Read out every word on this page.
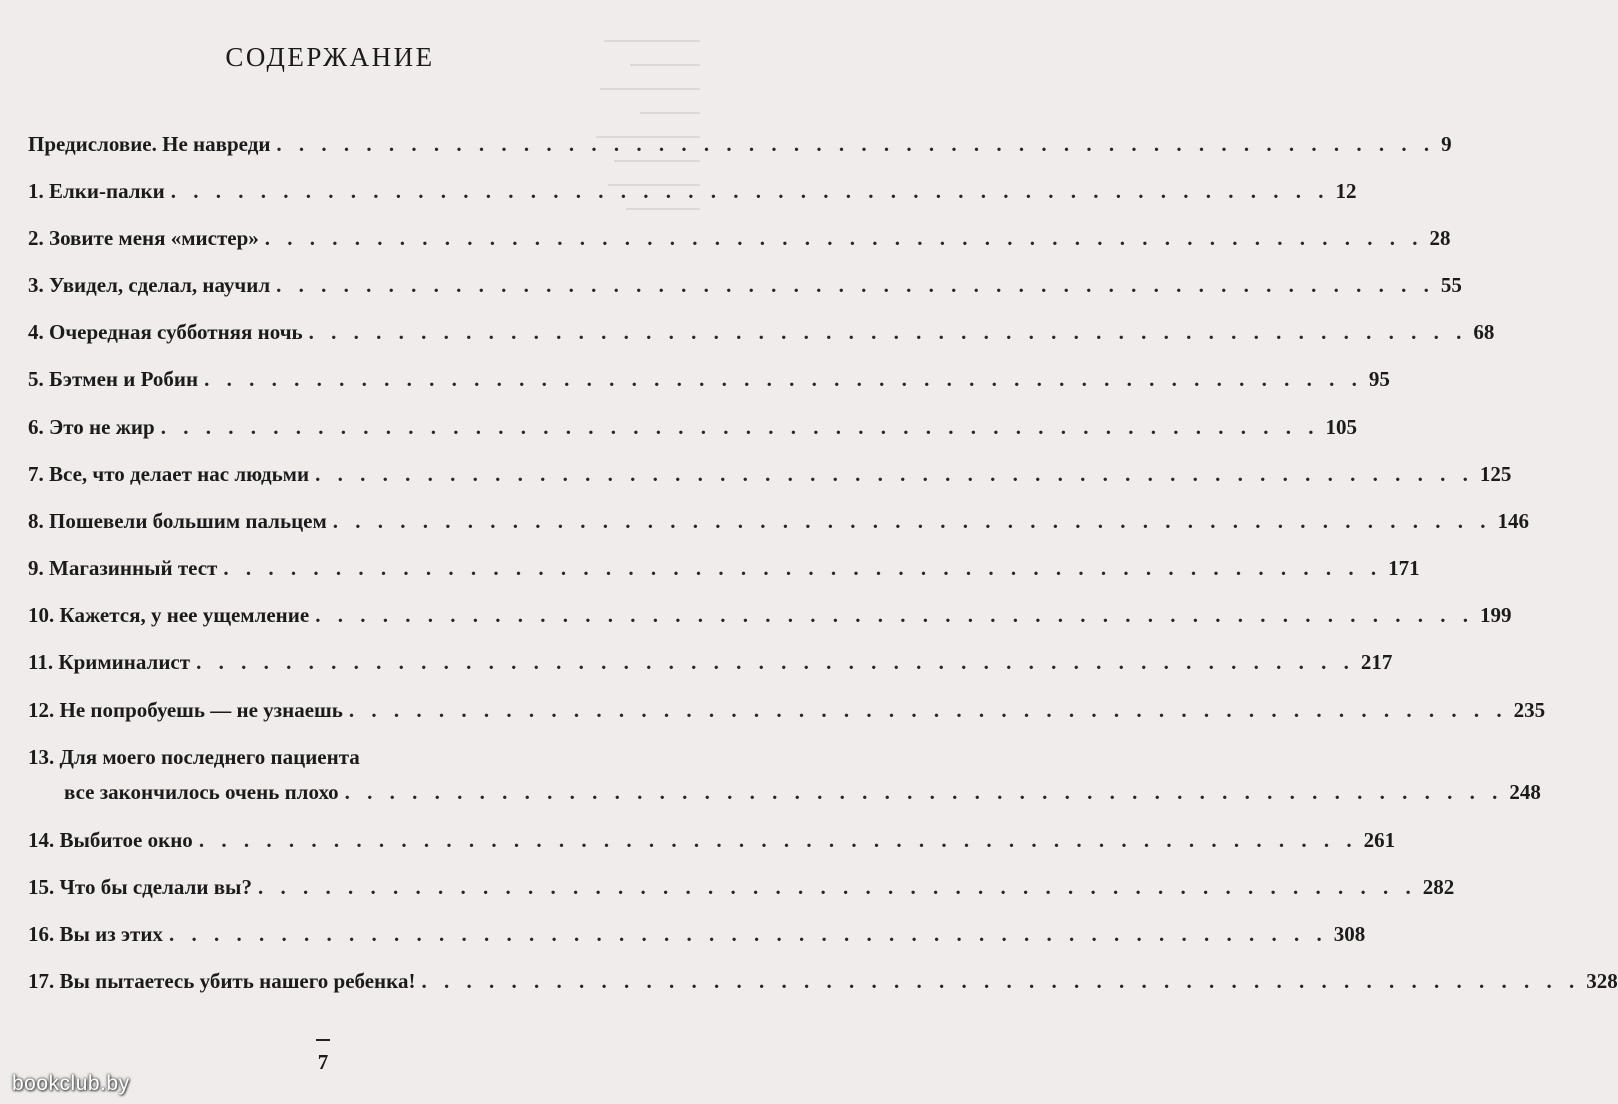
СОДЕРЖАНИЕ
Предисловие. Не навреди . . . . . . . . . . . . . . . . . . . . . . . . . . . . . . . . . . . . . . . . . . . . . . . . . . . . 9
1. Елки-палки . . . . . . . . . . . . . . . . . . . . . . . . . . . . . . . . . . . . . . . . . . . . . . . . . . . . 12
2. Зовите меня «мистер» . . . . . . . . . . . . . . . . . . . . . . . . . . . . . . . . . . . . . . . . . . . . . . . . . . . . 28
3. Увидел, сделал, научил . . . . . . . . . . . . . . . . . . . . . . . . . . . . . . . . . . . . . . . . . . . . . . . . . . . . 55
4. Очередная субботняя ночь . . . . . . . . . . . . . . . . . . . . . . . . . . . . . . . . . . . . . . . . . . . . . . . . . . . . 68
5. Бэтмен и Робин . . . . . . . . . . . . . . . . . . . . . . . . . . . . . . . . . . . . . . . . . . . . . . . . . . . . 95
6. Это не жир . . . . . . . . . . . . . . . . . . . . . . . . . . . . . . . . . . . . . . . . . . . . . . . . . . . . 105
7. Все, что делает нас людьми . . . . . . . . . . . . . . . . . . . . . . . . . . . . . . . . . . . . . . . . . . . . . . . . . . . . 125
8. Пошевели большим пальцем . . . . . . . . . . . . . . . . . . . . . . . . . . . . . . . . . . . . . . . . . . . . . . . . . . . . 146
9. Магазинный тест . . . . . . . . . . . . . . . . . . . . . . . . . . . . . . . . . . . . . . . . . . . . . . . . . . . . 171
10. Кажется, у нее ущемление . . . . . . . . . . . . . . . . . . . . . . . . . . . . . . . . . . . . . . . . . . . . . . . . . . . . 199
11. Криминалист . . . . . . . . . . . . . . . . . . . . . . . . . . . . . . . . . . . . . . . . . . . . . . . . . . . . 217
12. Не попробуешь — не узнаешь . . . . . . . . . . . . . . . . . . . . . . . . . . . . . . . . . . . . . . . . . . . . . . . . . . . . 235
13. Для моего последнего пациента
все закончилось очень плохо . . . . . . . . . . . . . . . . . . . . . . . . . . . . . . . . . . . . . . . . . . . . . . . . . . . . 248
14. Выбитое окно . . . . . . . . . . . . . . . . . . . . . . . . . . . . . . . . . . . . . . . . . . . . . . . . . . . . 261
15. Что бы сделали вы? . . . . . . . . . . . . . . . . . . . . . . . . . . . . . . . . . . . . . . . . . . . . . . . . . . . . 282
16. Вы из этих . . . . . . . . . . . . . . . . . . . . . . . . . . . . . . . . . . . . . . . . . . . . . . . . . . . . 308
17. Вы пытаетесь убить нашего ребенка! . . . . . . . . . . . . . . . . . . . . . . . . . . . . . . . . . . . . . . . . . . . . . . . . . . . . 328
7
bookclub.by
